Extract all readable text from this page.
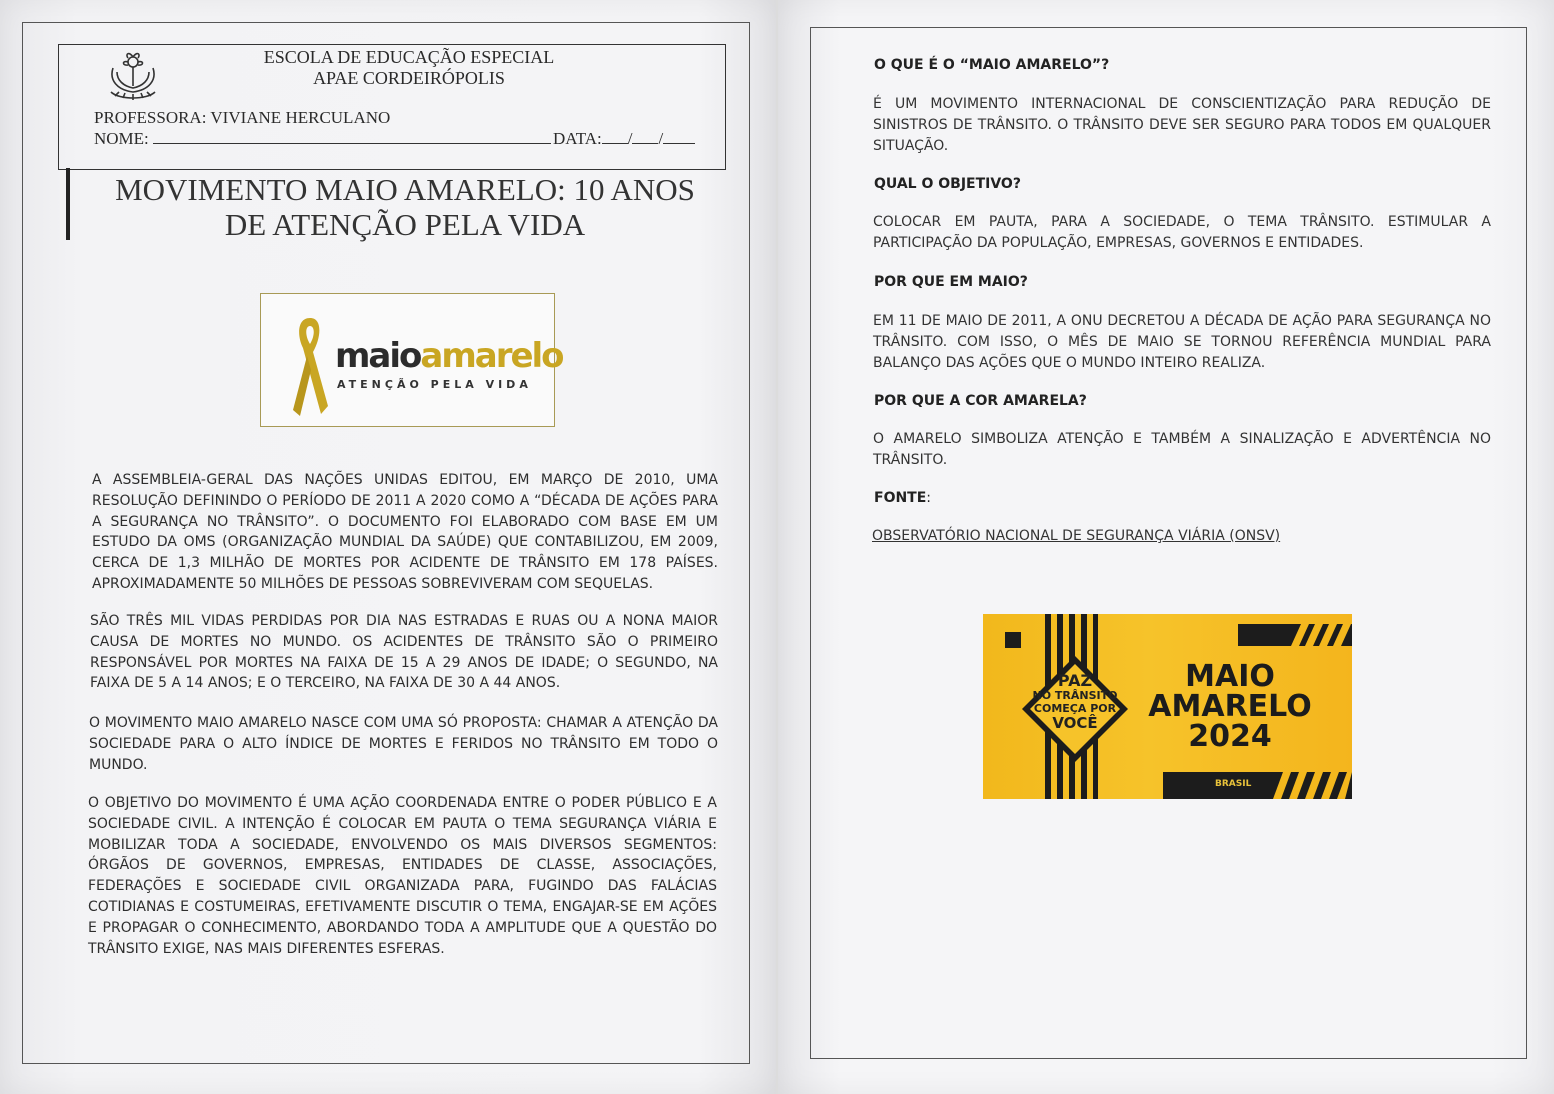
ESCOLA DE EDUCAÇÃO ESPECIAL
APAE CORDEIRÓPOLIS
PROFESSORA: VIVIANE HERCULANO
NOME:	DATA: / /
MOVIMENTO MAIO AMARELO: 10 ANOS DE ATENÇÃO PELA VIDA
maioamarelo
ATENÇÃO PELA VIDA
A ASSEMBLEIA-GERAL DAS NAÇÕES UNIDAS EDITOU, EM MARÇO DE 2010, UMA RESOLUÇÃO DEFININDO O PERÍODO DE 2011 A 2020 COMO A “DÉCADA DE AÇÕES PARA A SEGURANÇA NO TRÂNSITO”. O DOCUMENTO FOI ELABORADO COM BASE EM UM ESTUDO DA OMS (ORGANIZAÇÃO MUNDIAL DA SAÚDE) QUE CONTABILIZOU, EM 2009, CERCA DE 1,3 MILHÃO DE MORTES POR ACIDENTE DE TRÂNSITO EM 178 PAÍSES. APROXIMADAMENTE 50 MILHÕES DE PESSOAS SOBREVIVERAM COM SEQUELAS.
SÃO TRÊS MIL VIDAS PERDIDAS POR DIA NAS ESTRADAS E RUAS OU A NONA MAIOR CAUSA DE MORTES NO MUNDO. OS ACIDENTES DE TRÂNSITO SÃO O PRIMEIRO RESPONSÁVEL POR MORTES NA FAIXA DE 15 A 29 ANOS DE IDADE; O SEGUNDO, NA FAIXA DE 5 A 14 ANOS; E O TERCEIRO, NA FAIXA DE 30 A 44 ANOS.
O MOVIMENTO MAIO AMARELO NASCE COM UMA SÓ PROPOSTA: CHAMAR A ATENÇÃO DA SOCIEDADE PARA O ALTO ÍNDICE DE MORTES E FERIDOS NO TRÂNSITO EM TODO O MUNDO.
O OBJETIVO DO MOVIMENTO É UMA AÇÃO COORDENADA ENTRE O PODER PÚBLICO E A SOCIEDADE CIVIL. A INTENÇÃO É COLOCAR EM PAUTA O TEMA SEGURANÇA VIÁRIA E MOBILIZAR TODA A SOCIEDADE, ENVOLVENDO OS MAIS DIVERSOS SEGMENTOS: ÓRGÃOS DE GOVERNOS, EMPRESAS, ENTIDADES DE CLASSE, ASSOCIAÇÕES, FEDERAÇÕES E SOCIEDADE CIVIL ORGANIZADA PARA, FUGINDO DAS FALÁCIAS COTIDIANAS E COSTUMEIRAS, EFETIVAMENTE DISCUTIR O TEMA, ENGAJAR-SE EM AÇÕES E PROPAGAR O CONHECIMENTO, ABORDANDO TODA A AMPLITUDE QUE A QUESTÃO DO TRÂNSITO EXIGE, NAS MAIS DIFERENTES ESFERAS.
O QUE É O “MAIO AMARELO”?
É UM MOVIMENTO INTERNACIONAL DE CONSCIENTIZAÇÃO PARA REDUÇÃO DE SINISTROS DE TRÂNSITO. O TRÂNSITO DEVE SER SEGURO PARA TODOS EM QUALQUER SITUAÇÃO.
QUAL O OBJETIVO?
COLOCAR EM PAUTA, PARA A SOCIEDADE, O TEMA TRÂNSITO. ESTIMULAR A PARTICIPAÇÃO DA POPULAÇÃO, EMPRESAS, GOVERNOS E ENTIDADES.
POR QUE EM MAIO?
EM 11 DE MAIO DE 2011, A ONU DECRETOU A DÉCADA DE AÇÃO PARA SEGURANÇA NO TRÂNSITO. COM ISSO, O MÊS DE MAIO SE TORNOU REFERÊNCIA MUNDIAL PARA BALANÇO DAS AÇÕES QUE O MUNDO INTEIRO REALIZA.
POR QUE A COR AMARELA?
O AMARELO SIMBOLIZA ATENÇÃO E TAMBÉM A SINALIZAÇÃO E ADVERTÊNCIA NO TRÂNSITO.
FONTE:
OBSERVATÓRIO NACIONAL DE SEGURANÇA VIÁRIA (ONSV)
PAZ
NO TRÂNSITO
COMEÇA POR
VOCÊ
MAIO
AMARELO
2024
BRASIL
